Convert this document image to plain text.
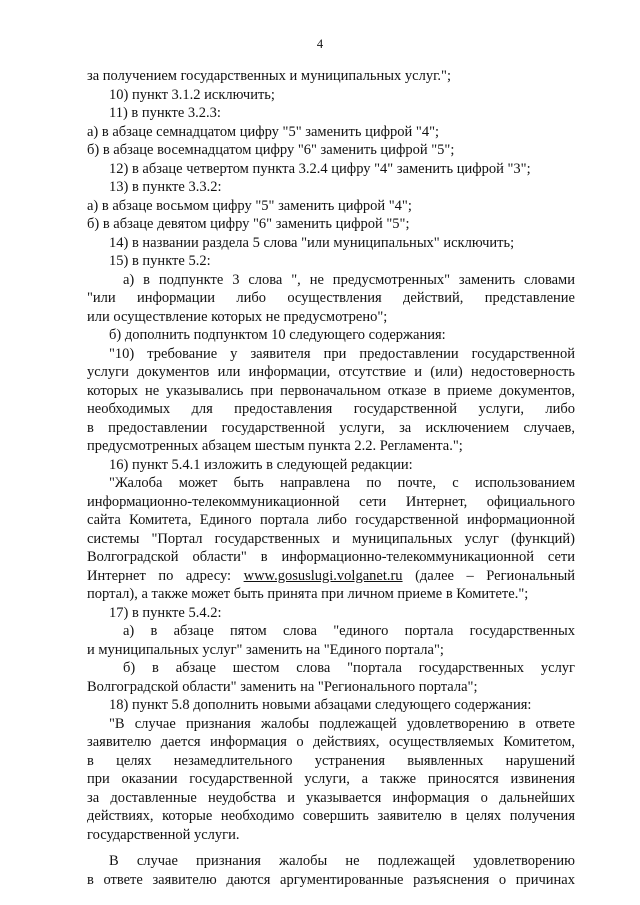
4
за получением государственных и муниципальных услуг.";
10) пункт 3.1.2 исключить;
11) в пункте 3.2.3:
а) в абзаце семнадцатом цифру "5" заменить цифрой "4";
б) в абзаце восемнадцатом цифру "6" заменить цифрой "5";
12) в абзаце четвертом пункта 3.2.4 цифру "4" заменить цифрой "3";
13) в пункте 3.3.2:
а) в абзаце восьмом цифру "5" заменить цифрой "4";
б) в абзаце девятом цифру "6" заменить цифрой "5";
14) в названии раздела 5 слова "или муниципальных" исключить;
15) в пункте 5.2:
а) в подпункте 3 слова ", не предусмотренных" заменить словами
"или информации либо осуществления действий, представление
или осуществление которых не предусмотрено";
б) дополнить подпунктом 10 следующего содержания:
"10) требование у заявителя при предоставлении государственной
услуги документов или информации, отсутствие и (или) недостоверность
которых не указывались при первоначальном отказе в приеме документов,
необходимых для предоставления государственной услуги, либо
в предоставлении государственной услуги, за исключением случаев,
предусмотренных абзацем шестым пункта 2.2. Регламента.";
16) пункт 5.4.1 изложить в следующей редакции:
"Жалоба может быть направлена по почте, с использованием
информационно-телекоммуникационной сети Интернет, официального
сайта Комитета, Единого портала либо государственной информационной
системы "Портал государственных и муниципальных услуг (функций)
Волгоградской области" в информационно-телекоммуникационной сети
Интернет по адресу: www.gosuslugi.volganet.ru (далее – Региональный
портал), а также может быть принята при личном приеме в Комитете.";
17) в пункте 5.4.2:
а) в абзаце пятом слова "единого портала государственных
и муниципальных услуг" заменить на "Единого портала";
б) в абзаце шестом слова "портала государственных услуг
Волгоградской области" заменить на "Регионального портала";
18) пункт 5.8 дополнить новыми абзацами следующего содержания:
"В случае признания жалобы подлежащей удовлетворению в ответе
заявителю дается информация о действиях, осуществляемых Комитетом,
в целях незамедлительного устранения выявленных нарушений
при оказании государственной услуги, а также приносятся извинения
за доставленные неудобства и указывается информация о дальнейших
действиях, которые необходимо совершить заявителю в целях получения
государственной услуги.
В случае признания жалобы не подлежащей удовлетворению
в ответе заявителю даются аргументированные разъяснения о причинах
